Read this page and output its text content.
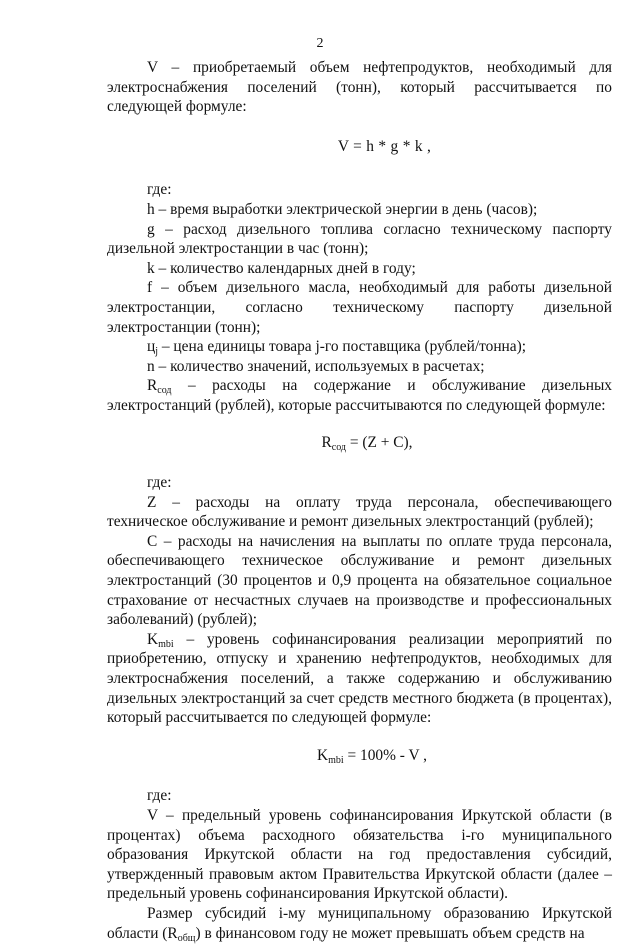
2

V – приобретаемый объем нефтепродуктов, необходимый для электроснабжения поселений (тонн), который рассчитывается по следующей формуле:

V = h * g * k ,

где:

h – время выработки электрической энергии в день (часов);

g – расход дизельного топлива согласно техническому паспорту дизельной электростанции в час (тонн);

k – количество календарных дней в году;

f – объем дизельного масла, необходимый для работы дизельной электростанции, согласно техническому паспорту дизельной электростанции (тонн);

$ц_j$ – цена единицы товара j-го поставщика (рублей/тонна);

n – количество значений, используемых в расчетах;

$R_{сод}$ – расходы на содержание и обслуживание дизельных электростанций (рублей), которые рассчитываются по следующей формуле:

$R_{сод} = (Z + C)$,

где:

Z – расходы на оплату труда персонала, обеспечивающего техническое обслуживание и ремонт дизельных электростанций (рублей);

C – расходы на начисления на выплаты по оплате труда персонала, обеспечивающего техническое обслуживание и ремонт дизельных электростанций (30 процентов и 0,9 процента на обязательное социальное страхование от несчастных случаев на производстве и профессиональных заболеваний) (рублей);

$K_{mbi}$ – уровень софинансирования реализации мероприятий по приобретению, отпуску и хранению нефтепродуктов, необходимых для электроснабжения поселений, а также содержанию и обслуживанию дизельных электростанций за счет средств местного бюджета (в процентах), который рассчитывается по следующей формуле:

$K_{mbi} = 100\% - V$ ,

где:

V – предельный уровень софинансирования Иркутской области (в процентах) объема расходного обязательства i-го муниципального образования Иркутской области на год предоставления субсидий, утвержденный правовым актом Правительства Иркутской области (далее – предельный уровень софинансирования Иркутской области).

Размер субсидий i-му муниципальному образованию Иркутской области $(R_{общ})$ в финансовом году не может превышать объем средств на
